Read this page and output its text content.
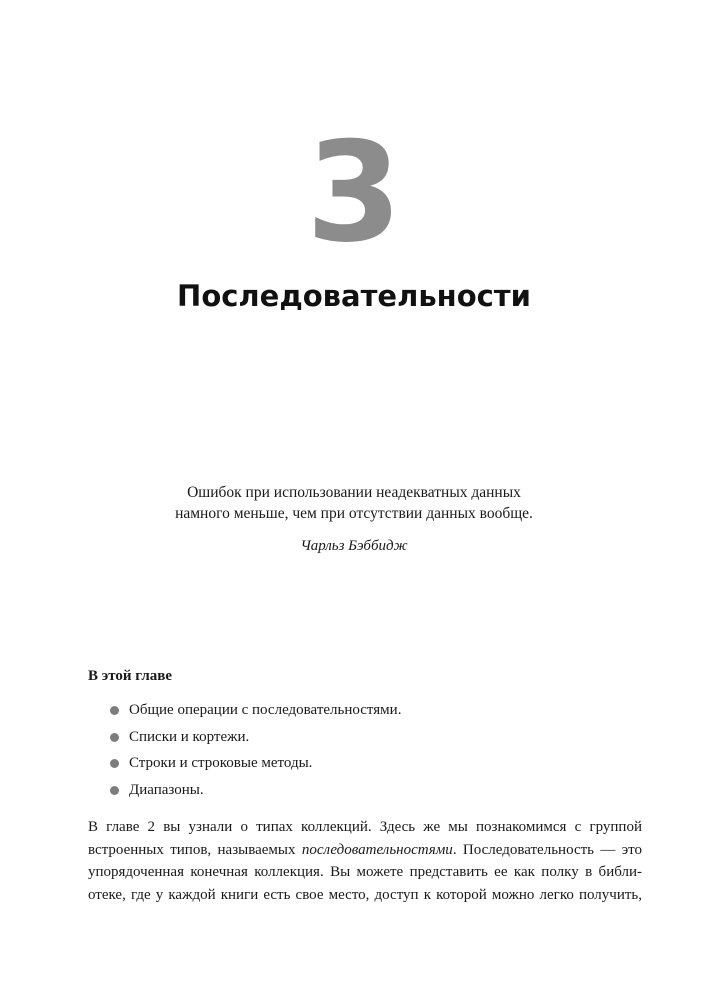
3
Последовательности
Ошибок при использовании неадекватных данных
намного меньше, чем при отсутствии данных вообще.
Чарльз Бэббидж
В этой главе
Общие операции с последовательностями.
Списки и кортежи.
Строки и строковые методы.
Диапазоны.
В главе 2 вы узнали о типах коллекций. Здесь же мы познакомимся с группой
встроенных типов, называемых последовательностями. Последовательность — это
упорядоченная конечная коллекция. Вы можете представить ее как полку в библи-
отеке, где у каждой книги есть свое место, доступ к которой можно легко получить,
